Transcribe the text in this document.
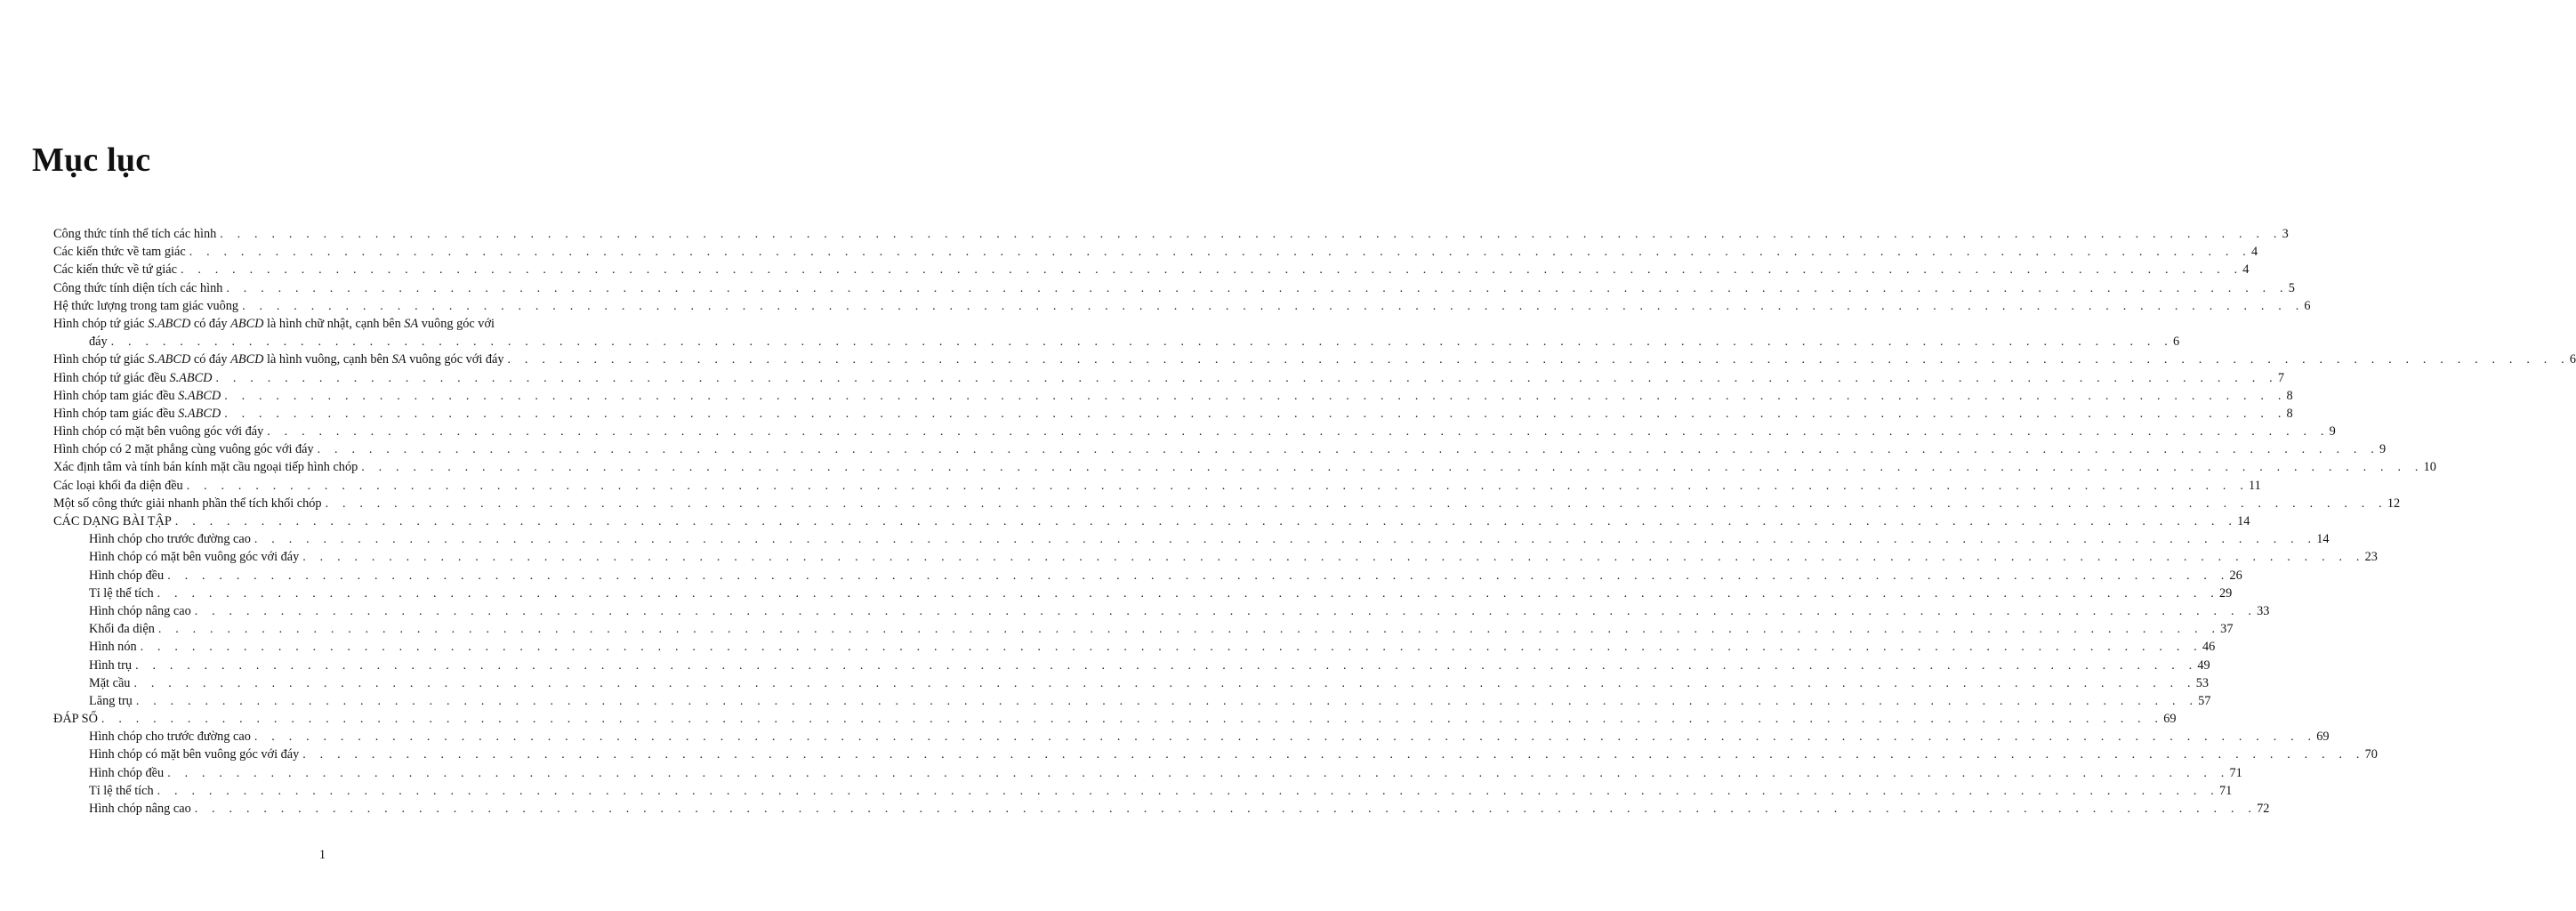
Mục lục
Công thức tính thể tích các hình . . . . . . . . . . . . . . . . . . . . . . . . . . . . . . . . . . . . . . . . . . . . . . . . . . . . . . . . . . . . . . . . . . . . . . . . . . . . . . . . . . . . . . . . . . . . . . . . . . . . . . . . . . . . . . . . . . . . . . . . 3
Các kiến thức về tam giác . . . . . . . . . . . . . . . . . . . . . . . . . . . . . . . . . . . . . . . . . . . . . . . . . . . . . . . . . . . . . . . . . . . . . . . . . . . . . . . . . . . . . . . . . . . . . . . . . . . . . . . . . . . . . . . . . . . . . . . . 4
Các kiến thức về tứ giác . . . . . . . . . . . . . . . . . . . . . . . . . . . . . . . . . . . . . . . . . . . . . . . . . . . . . . . . . . . . . . . . . . . . . . . . . . . . . . . . . . . . . . . . . . . . . . . . . . . . . . . . . . . . . . . . . . . . . . . . 4
Công thức tính diện tích các hình . . . . . . . . . . . . . . . . . . . . . . . . . . . . . . . . . . . . . . . . . . . . . . . . . . . . . . . . . . . . . . . . . . . . . . . . . . . . . . . . . . . . . . . . . . . . . . . . . . . . . . . . . . . . . . . . . . . . . . . . 5
Hệ thức lượng trong tam giác vuông . . . . . . . . . . . . . . . . . . . . . . . . . . . . . . . . . . . . . . . . . . . . . . . . . . . . . . . . . . . . . . . . . . . . . . . . . . . . . . . . . . . . . . . . . . . . . . . . . . . . . . . . . . . . . . . . . . . . . . . . 6
Hình chóp tứ giác S.ABCD có đáy ABCD là hình chữ nhật, cạnh bên SA vuông góc với
đáy . . . . . . . . . . . . . . . . . . . . . . . . . . . . . . . . . . . . . . . . . . . . . . . . . . . . . . . . . . . . . . . . . . . . . . . . . . . . . . . . . . . . . . . . . . . . . . . . . . . . . . . . . . . . . . . . . . . . . . . . 6
Hình chóp tứ giác S.ABCD có đáy ABCD là hình vuông, cạnh bên SA vuông góc với đáy . . . . . . . . . . . . . . . . . . . . . . . . . . . . . . . . . . . . . . . . . . . . . . . . . . . . . . . . . . . . . . . . . . . . . . . . . . . . . . . . . . . . . . . . . . . . . . . . . . . . . . . . . . . . . . . . . . . . . . . . 6
Hình chóp tứ giác đều S.ABCD . . . . . . . . . . . . . . . . . . . . . . . . . . . . . . . . . . . . . . . . . . . . . . . . . . . . . . . . . . . . . . . . . . . . . . . . . . . . . . . . . . . . . . . . . . . . . . . . . . . . . . . . . . . . . . . . . . . . . . . . 7
Hình chóp tam giác đều S.ABCD . . . . . . . . . . . . . . . . . . . . . . . . . . . . . . . . . . . . . . . . . . . . . . . . . . . . . . . . . . . . . . . . . . . . . . . . . . . . . . . . . . . . . . . . . . . . . . . . . . . . . . . . . . . . . . . . . . . . . . . . 8
Hình chóp tam giác đều S.ABCD . . . . . . . . . . . . . . . . . . . . . . . . . . . . . . . . . . . . . . . . . . . . . . . . . . . . . . . . . . . . . . . . . . . . . . . . . . . . . . . . . . . . . . . . . . . . . . . . . . . . . . . . . . . . . . . . . . . . . . . . 8
Hình chóp có mặt bên vuông góc với đáy . . . . . . . . . . . . . . . . . . . . . . . . . . . . . . . . . . . . . . . . . . . . . . . . . . . . . . . . . . . . . . . . . . . . . . . . . . . . . . . . . . . . . . . . . . . . . . . . . . . . . . . . . . . . . . . . . . . . . . . . 9
Hình chóp có 2 mặt phẳng cùng vuông góc với đáy . . . . . . . . . . . . . . . . . . . . . . . . . . . . . . . . . . . . . . . . . . . . . . . . . . . . . . . . . . . . . . . . . . . . . . . . . . . . . . . . . . . . . . . . . . . . . . . . . . . . . . . . . . . . . . . . . . . . . . . . 9
Xác định tâm và tính bán kính mặt cầu ngoại tiếp hình chóp . . . . . . . . . . . . . . . . . . . . . . . . . . . . . . . . . . . . . . . . . . . . . . . . . . . . . . . . . . . . . . . . . . . . . . . . . . . . . . . . . . . . . . . . . . . . . . . . . . . . . . . . . . . . . . . . . . . . . . . . 10
Các loại khối đa diện đều . . . . . . . . . . . . . . . . . . . . . . . . . . . . . . . . . . . . . . . . . . . . . . . . . . . . . . . . . . . . . . . . . . . . . . . . . . . . . . . . . . . . . . . . . . . . . . . . . . . . . . . . . . . . . . . . . . . . . . . . 11
Một số công thức giải nhanh phần thể tích khối chóp . . . . . . . . . . . . . . . . . . . . . . . . . . . . . . . . . . . . . . . . . . . . . . . . . . . . . . . . . . . . . . . . . . . . . . . . . . . . . . . . . . . . . . . . . . . . . . . . . . . . . . . . . . . . . . . . . . . . . . . . 12
CÁC DẠNG BÀI TẬP . . . . . . . . . . . . . . . . . . . . . . . . . . . . . . . . . . . . . . . . . . . . . . . . . . . . . . . . . . . . . . . . . . . . . . . . . . . . . . . . . . . . . . . . . . . . . . . . . . . . . . . . . . . . . . . . . . . . . . . . 14
Hình chóp cho trước đường cao . . . . . . . . . . . . . . . . . . . . . . . . . . . . . . . . . . . . . . . . . . . . . . . . . . . . . . . . . . . . . . . . . . . . . . . . . . . . . . . . . . . . . . . . . . . . . . . . . . . . . . . . . . . . . . . . . . . . . . . . 14
Hình chóp có mặt bên vuông góc với đáy . . . . . . . . . . . . . . . . . . . . . . . . . . . . . . . . . . . . . . . . . . . . . . . . . . . . . . . . . . . . . . . . . . . . . . . . . . . . . . . . . . . . . . . . . . . . . . . . . . . . . . . . . . . . . . . . . . . . . . . . 23
Hình chóp đều . . . . . . . . . . . . . . . . . . . . . . . . . . . . . . . . . . . . . . . . . . . . . . . . . . . . . . . . . . . . . . . . . . . . . . . . . . . . . . . . . . . . . . . . . . . . . . . . . . . . . . . . . . . . . . . . . . . . . . . . 26
Tỉ lệ thể tích . . . . . . . . . . . . . . . . . . . . . . . . . . . . . . . . . . . . . . . . . . . . . . . . . . . . . . . . . . . . . . . . . . . . . . . . . . . . . . . . . . . . . . . . . . . . . . . . . . . . . . . . . . . . . . . . . . . . . . . . 29
Hình chóp nâng cao . . . . . . . . . . . . . . . . . . . . . . . . . . . . . . . . . . . . . . . . . . . . . . . . . . . . . . . . . . . . . . . . . . . . . . . . . . . . . . . . . . . . . . . . . . . . . . . . . . . . . . . . . . . . . . . . . . . . . . . . 33
Khối đa diện . . . . . . . . . . . . . . . . . . . . . . . . . . . . . . . . . . . . . . . . . . . . . . . . . . . . . . . . . . . . . . . . . . . . . . . . . . . . . . . . . . . . . . . . . . . . . . . . . . . . . . . . . . . . . . . . . . . . . . . . 37
Hình nón . . . . . . . . . . . . . . . . . . . . . . . . . . . . . . . . . . . . . . . . . . . . . . . . . . . . . . . . . . . . . . . . . . . . . . . . . . . . . . . . . . . . . . . . . . . . . . . . . . . . . . . . . . . . . . . . . . . . . . . . 46
Hình trụ . . . . . . . . . . . . . . . . . . . . . . . . . . . . . . . . . . . . . . . . . . . . . . . . . . . . . . . . . . . . . . . . . . . . . . . . . . . . . . . . . . . . . . . . . . . . . . . . . . . . . . . . . . . . . . . . . . . . . . . . 49
Mặt cầu . . . . . . . . . . . . . . . . . . . . . . . . . . . . . . . . . . . . . . . . . . . . . . . . . . . . . . . . . . . . . . . . . . . . . . . . . . . . . . . . . . . . . . . . . . . . . . . . . . . . . . . . . . . . . . . . . . . . . . . . 53
Lăng trụ . . . . . . . . . . . . . . . . . . . . . . . . . . . . . . . . . . . . . . . . . . . . . . . . . . . . . . . . . . . . . . . . . . . . . . . . . . . . . . . . . . . . . . . . . . . . . . . . . . . . . . . . . . . . . . . . . . . . . . . . 57
ĐÁP SỐ . . . . . . . . . . . . . . . . . . . . . . . . . . . . . . . . . . . . . . . . . . . . . . . . . . . . . . . . . . . . . . . . . . . . . . . . . . . . . . . . . . . . . . . . . . . . . . . . . . . . . . . . . . . . . . . . . . . . . . . . 69
Hình chóp cho trước đường cao . . . . . . . . . . . . . . . . . . . . . . . . . . . . . . . . . . . . . . . . . . . . . . . . . . . . . . . . . . . . . . . . . . . . . . . . . . . . . . . . . . . . . . . . . . . . . . . . . . . . . . . . . . . . . . . . . . . . . . . . 69
Hình chóp có mặt bên vuông góc với đáy . . . . . . . . . . . . . . . . . . . . . . . . . . . . . . . . . . . . . . . . . . . . . . . . . . . . . . . . . . . . . . . . . . . . . . . . . . . . . . . . . . . . . . . . . . . . . . . . . . . . . . . . . . . . . . . . . . . . . . . . 70
Hình chóp đều . . . . . . . . . . . . . . . . . . . . . . . . . . . . . . . . . . . . . . . . . . . . . . . . . . . . . . . . . . . . . . . . . . . . . . . . . . . . . . . . . . . . . . . . . . . . . . . . . . . . . . . . . . . . . . . . . . . . . . . . 71
Tỉ lệ thể tích . . . . . . . . . . . . . . . . . . . . . . . . . . . . . . . . . . . . . . . . . . . . . . . . . . . . . . . . . . . . . . . . . . . . . . . . . . . . . . . . . . . . . . . . . . . . . . . . . . . . . . . . . . . . . . . . . . . . . . . . 71
Hình chóp nâng cao . . . . . . . . . . . . . . . . . . . . . . . . . . . . . . . . . . . . . . . . . . . . . . . . . . . . . . . . . . . . . . . . . . . . . . . . . . . . . . . . . . . . . . . . . . . . . . . . . . . . . . . . . . . . . . . . . . . . . . . . 72
1
